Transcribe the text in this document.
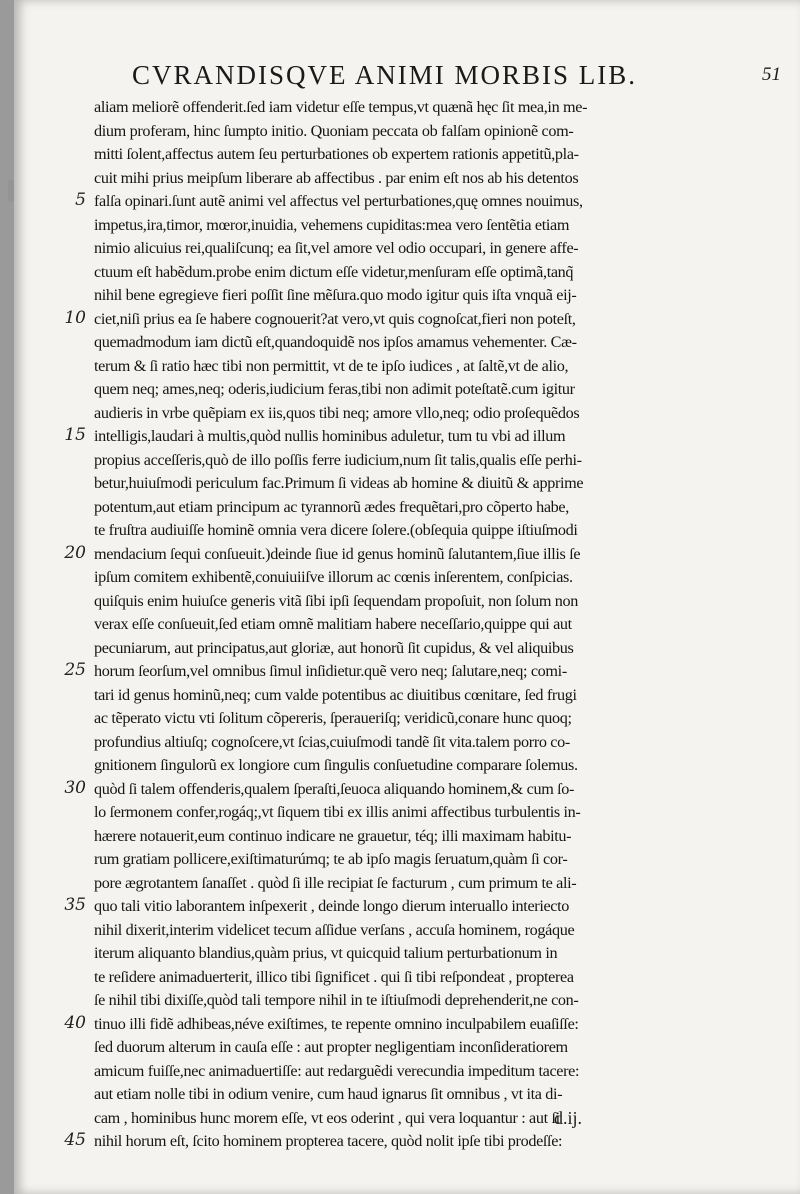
CVRANDISQVE ANIMI MORBIS LIB.	51
aliam meliorẽ offenderit.ſed iam videtur eſſe tempus,vt quænã hęc ſit mea,in me-
dium proferam, hinc ſumpto initio. Quoniam peccata ob falſam opinionẽ com-
mitti ſolent,affectus autem ſeu perturbationes ob expertem rationis appetitũ,pla-
cuit mihi prius meipſum liberare ab affectibus . par enim eſt nos ab his detentos
falſa opinari.ſunt autẽ animi vel affectus vel perturbationes,quę omnes nouimus,
impetus,ira,timor, mœror,inuidia, vehemens cupiditas:mea vero ſentẽtia etiam
nimio alicuius rei,qualiſcunq; ea ſit,vel amore vel odio occupari, in genere affe-
ctuum eſt habẽdum.probe enim dictum eſſe videtur,menſuram eſſe optimã,tanq̃
nihil bene egregieve fieri poſſit ſine mẽſura.quo modo igitur quis iſta vnquã eij-
ciet,niſi prius ea ſe habere cognouerit?at vero,vt quis cognoſcat,fieri non poteſt,
quemadmodum iam dictũ eſt,quandoquidẽ nos ipſos amamus vehementer. Cæ-
terum & ſi ratio hæc tibi non permittit, vt de te ipſo iudices , at ſaltẽ,vt de alio,
quem neq; ames,neq; oderis,iudicium feras,tibi non adimit poteſtatẽ.cum igitur
audieris in vrbe quẽpiam ex iis,quos tibi neq; amore vllo,neq; odio proſequẽdos
intelligis,laudari à multis,quòd nullis hominibus aduletur, tum tu vbi ad illum
propius acceſſeris,quò de illo poſſis ferre iudicium,num ſit talis,qualis eſſe perhi-
betur,huiuſmodi periculum fac.Primum ſi videas ab homine & diuitũ & apprime
potentum,aut etiam principum ac tyrannorũ ædes frequẽtari,pro cõperto habe,
te fruſtra audiuiſſe hominẽ omnia vera dicere ſolere.(obſequia quippe iſtiuſmodi
mendacium ſequi conſueuit.)deinde ſiue id genus hominũ ſalutantem,ſiue illis ſe
ipſum comitem exhibentẽ,conuiuiiſve illorum ac cœnis inſerentem, conſpicias.
quiſquis enim huiuſce generis vitã ſibi ipſi ſequendam propoſuit, non ſolum non
verax eſſe conſueuit,ſed etiam omnẽ malitiam habere neceſſario,quippe qui aut
pecuniarum, aut principatus,aut gloriæ, aut honorũ ſit cupidus, & vel aliquibus
horum ſeorſum,vel omnibus ſimul inſidietur.quẽ vero neq; ſalutare,neq; comi-
tari id genus hominũ,neq; cum valde potentibus ac diuitibus cœnitare, ſed frugi
ac tẽperato victu vti ſolitum cõpereris, ſperaueriſq; veridicũ,conare hunc quoq;
profundius altiuſq; cognoſcere,vt ſcias,cuiuſmodi tandẽ ſit vita.talem porro co-
gnitionem ſingulorũ ex longiore cum ſingulis conſuetudine comparare ſolemus.
quòd ſi talem offenderis,qualem ſperaſti,ſeuoca aliquando hominem,& cum ſo-
lo ſermonem confer,rogáq;,vt ſiquem tibi ex illis animi affectibus turbulentis in-
hærere notauerit,eum continuo indicare ne grauetur, téq; illi maximam habitu-
rum gratiam pollicere,exiſtimaturúmq; te ab ipſo magis ſeruatum,quàm ſi cor-
pore ægrotantem ſanaſſet . quòd ſi ille recipiat ſe facturum , cum primum te ali-
quo tali vitio laborantem inſpexerit , deinde longo dierum interuallo interiecto
nihil dixerit,interim videlicet tecum aſſidue verſans , accuſa hominem, rogáque
iterum aliquanto blandius,quàm prius, vt quicquid talium perturbationum in
te reſidere animaduerterit, illico tibi ſignificet . qui ſi tibi reſpondeat , propterea
ſe nihil tibi dixiſſe,quòd tali tempore nihil in te iſtiuſmodi deprehenderit,ne con-
tinuo illi fidẽ adhibeas,néve exiſtimes, te repente omnino inculpabilem euaſiſſe:
ſed duorum alterum in cauſa eſſe : aut propter negligentiam inconſideratiorem
amicum fuiſſe,nec animaduertiſſe: aut redarguẽdi verecundia impeditum tacere:
aut etiam nolle tibi in odium venire, cum haud ignarus ſit omnibus , vt ita di-
cam , hominibus hunc morem eſſe, vt eos oderint , qui vera loquantur : aut ſi
nihil horum eſt, ſcito hominem propterea tacere, quòd nolit ipſe tibi prodeſſe:
5
10
15
20
25
30
35
40
45
d.ij.
